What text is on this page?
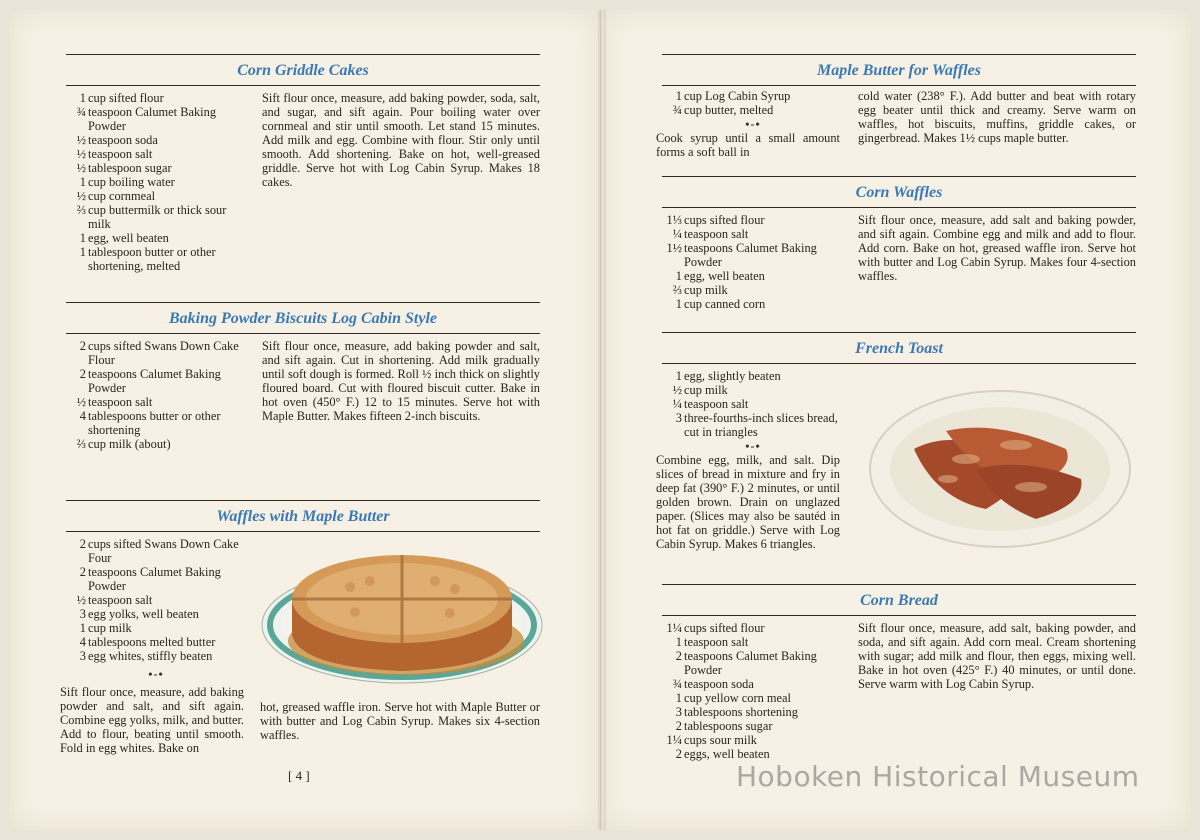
Corn Griddle Cakes
1 cup sifted flour
¾ teaspoon Calumet Baking Powder
½ teaspoon soda
½ teaspoon salt
½ tablespoon sugar
1 cup boiling water
½ cup cornmeal
⅔ cup buttermilk or thick sour milk
1 egg, well beaten
1 tablespoon butter or other shortening, melted

Sift flour once, measure, add baking powder, soda, salt, and sugar, and sift again. Pour boiling water over cornmeal and stir until smooth. Let stand 15 minutes. Add milk and egg. Combine with flour. Stir only until smooth. Add shortening. Bake on hot, well-greased griddle. Serve hot with Log Cabin Syrup. Makes 18 cakes.

Baking Powder Biscuits Log Cabin Style
2 cups sifted Swans Down Cake Flour
2 teaspoons Calumet Baking Powder
½ teaspoon salt
4 tablespoons butter or other shortening
⅔ cup milk (about)

Sift flour once, measure, add baking powder and salt, and sift again. Cut in shortening. Add milk gradually until soft dough is formed. Roll ½ inch thick on slightly floured board. Cut with floured biscuit cutter. Bake in hot oven (450° F.) 12 to 15 minutes. Serve hot with Maple Butter. Makes fifteen 2-inch biscuits.

Waffles with Maple Butter
2 cups sifted Swans Down Cake Four
2 teaspoons Calumet Baking Powder
½ teaspoon salt
3 egg yolks, well beaten
1 cup milk
4 tablespoons melted butter
3 egg whites, stiffly beaten
•-•

Sift flour once, measure, add baking powder and salt, and sift again. Combine egg yolks, milk, and butter. Add to flour, beating until smooth. Fold in egg whites. Bake on

hot, greased waffle iron. Serve hot with Maple Butter or with butter and Log Cabin Syrup. Makes six 4-section waffles.

[ 4 ]
Maple Butter for Waffles
1 cup Log Cabin Syrup
¾ cup butter, melted
•-•

Cook syrup until a small amount forms a soft ball in

cold water (238° F.). Add butter and beat with rotary egg beater until thick and creamy. Serve warm on waffles, hot biscuits, muffins, griddle cakes, or gingerbread. Makes 1½ cups maple butter.

Corn Waffles
1⅓ cups sifted flour
¼ teaspoon salt
1½ teaspoons Calumet Baking Powder
1 egg, well beaten
⅔ cup milk
1 cup canned corn

Sift flour once, measure, add salt and baking powder, and sift again. Combine egg and milk and add to flour. Add corn. Bake on hot, greased waffle iron. Serve hot with butter and Log Cabin Syrup. Makes four 4-section waffles.

French Toast
1 egg, slightly beaten
½ cup milk
¼ teaspoon salt
3 three-fourths-inch slices bread, cut in triangles
•-•

Combine egg, milk, and salt. Dip slices of bread in mixture and fry in deep fat (390° F.) 2 minutes, or until golden brown. Drain on unglazed paper. (Slices may also be sautéd in hot fat on griddle.) Serve with Log Cabin Syrup. Makes 6 triangles.

Corn Bread
1¼ cups sifted flour
1 teaspoon salt
2 teaspoons Calumet Baking Powder
¾ teaspoon soda
1 cup yellow corn meal
3 tablespoons shortening
2 tablespoons sugar
1¼ cups sour milk
2 eggs, well beaten

Sift flour once, measure, add salt, baking powder, and soda, and sift again. Add corn meal. Cream shortening with sugar; add milk and flour, then eggs, mixing well. Bake in hot oven (425° F.) 40 minutes, or until done. Serve warm with Log Cabin Syrup.

Hoboken Historical Museum
